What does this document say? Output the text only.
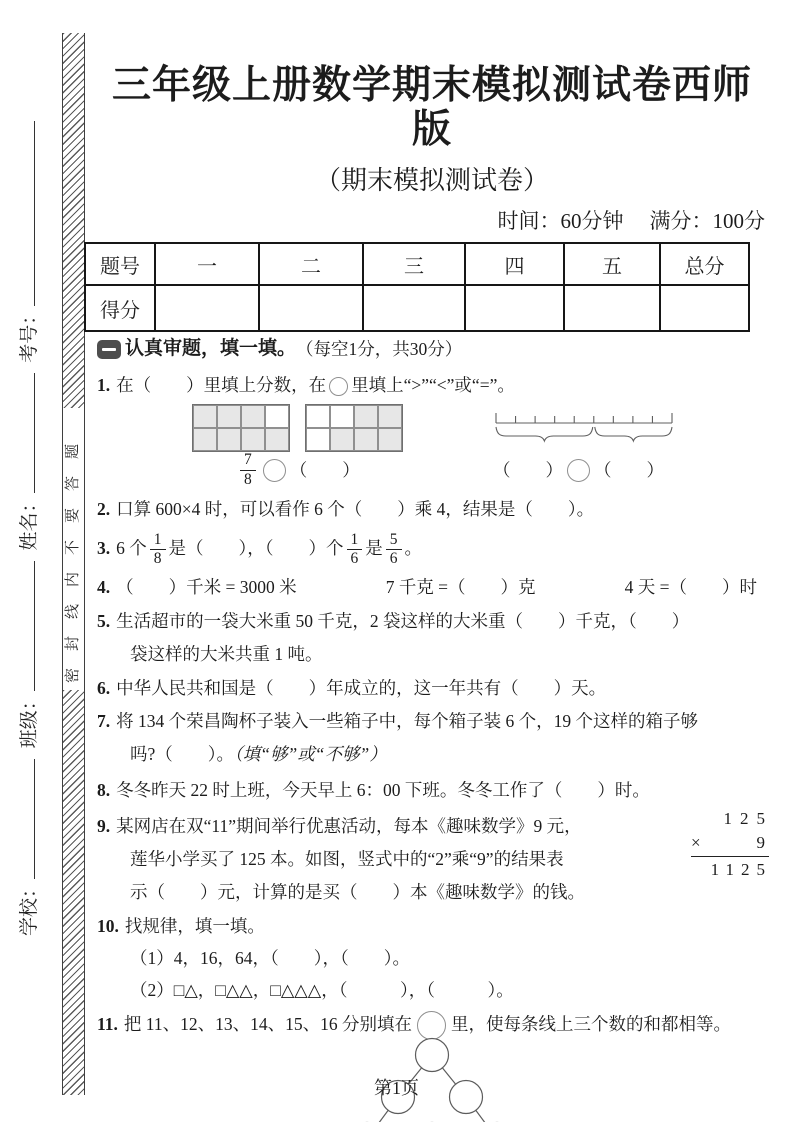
密封线内不要答题
学校： 班级： 姓名： 考号：
三年级上册数学期末模拟测试卷西师版
（期末模拟测试卷）
时间：60分钟 满分：100分
题号	一	二	三	四	五	总分
得分						
认真审题，填一填。 （每空1分，共30分）
1. 在（　　）里填上分数，在 里填上“>”“<”或“=”。
$\frac{7}{8}$ （　　）	（　　） （　　）
2. 口算 600×4 时，可以看作 6 个（　　）乘 4，结果是（　　）。
3. 6 个 $\frac{1}{8}$ 是（　　），（　　）个 $\frac{1}{6}$ 是 $\frac{5}{6}$ 。
4. （　　）千米 = 3000 米	7 千克 =（　　）克	4 天 =（　　）时
5. 生活超市的一袋大米重 50 千克，2 袋这样的大米重（　　）千克，（　　）
袋这样的大米共重 1 吨。
6. 中华人民共和国是（　　）年成立的，这一年共有（　　）天。
7. 将 134 个荣昌陶杯子装入一些箱子中，每个箱子装 6 个，19 个这样的箱子够
吗?（　　）。（填“够”或“不够”）
8. 冬冬昨天 22 时上班，今天早上 6：00 下班。冬冬工作了（　　）时。
9. 某网店在双“11”期间举行优惠活动，每本《趣味数学》9 元，
莲华小学买了 125 本。如图，竖式中的“2”乘“9”的结果表
示（　　）元，计算的是买（　　）本《趣味数学》的钱。
125
×	9
1125
10. 找规律，填一填。
（1）4，16，64，（　　），（　　）。
（2）□△，□△△，□△△△，（　　　），（　　　）。
11. 把 11、12、13、14、15、16 分别填在 里，使每条线上三个数的和都相等。
第1页
